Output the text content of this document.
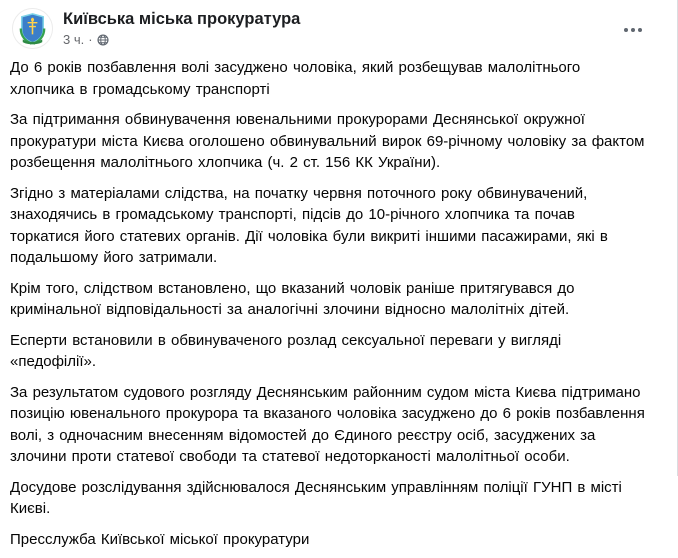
Київська міська прокуратура
3 ч. ·

До 6 років позбавлення волі засуджено чоловіка, який розбещував малолітнього хлопчика в громадському транспорті

За підтримання обвинувачення ювенальними прокурорами Деснянської окружної прокуратури міста Києва оголошено обвинувальний вирок 69-річному чоловіку за фактом розбещення малолітнього хлопчика (ч. 2 ст. 156 КК України).

Згідно з матеріалами слідства, на початку червня поточного року обвинувачений, знаходячись в громадському транспорті, підсів до 10-річного хлопчика та почав торкатися його статевих органів. Дії чоловіка були викриті іншими пасажирами, які в подальшому його затримали.

Крім того, слідством встановлено, що вказаний чоловік раніше притягувався до кримінальної відповідальності за аналогічні злочини відносно малолітніх дітей.

Есперти встановили в обвинуваченого розлад сексуальної переваги у вигляді «педофілії».

За результатом судового розгляду Деснянським районним судом міста Києва підтримано позицію ювенального прокурора та вказаного чоловіка засуджено до 6 років позбавлення волі, з одночасним внесенням відомостей до Єдиного реєстру осіб, засуджених за злочини проти статевої свободи та статевої недоторканості малолітньої особи.

Досудове розслідування здійснювалося Деснянським управлінням поліції ГУНП в місті Києві.

Пресслужба Київської міської прокуратури
